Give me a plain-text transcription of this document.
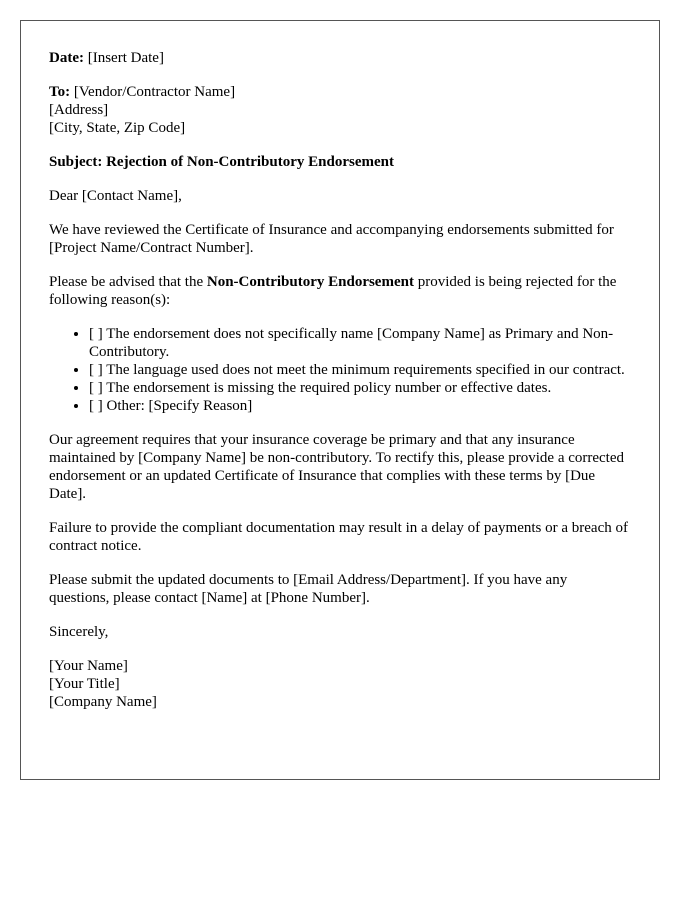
Date: [Insert Date]

To: [Vendor/Contractor Name]
[Address]
[City, State, Zip Code]

Subject: Rejection of Non-Contributory Endorsement

Dear [Contact Name],

We have reviewed the Certificate of Insurance and accompanying endorsements submitted for [Project Name/Contract Number].

Please be advised that the Non-Contributory Endorsement provided is being rejected for the following reason(s):

• [ ] The endorsement does not specifically name [Company Name] as Primary and Non-Contributory.
• [ ] The language used does not meet the minimum requirements specified in our contract.
• [ ] The endorsement is missing the required policy number or effective dates.
• [ ] Other: [Specify Reason]

Our agreement requires that your insurance coverage be primary and that any insurance maintained by [Company Name] be non-contributory. To rectify this, please provide a corrected endorsement or an updated Certificate of Insurance that complies with these terms by [Due Date].

Failure to provide the compliant documentation may result in a delay of payments or a breach of contract notice.

Please submit the updated documents to [Email Address/Department]. If you have any questions, please contact [Name] at [Phone Number].

Sincerely,

[Your Name]
[Your Title]
[Company Name]
